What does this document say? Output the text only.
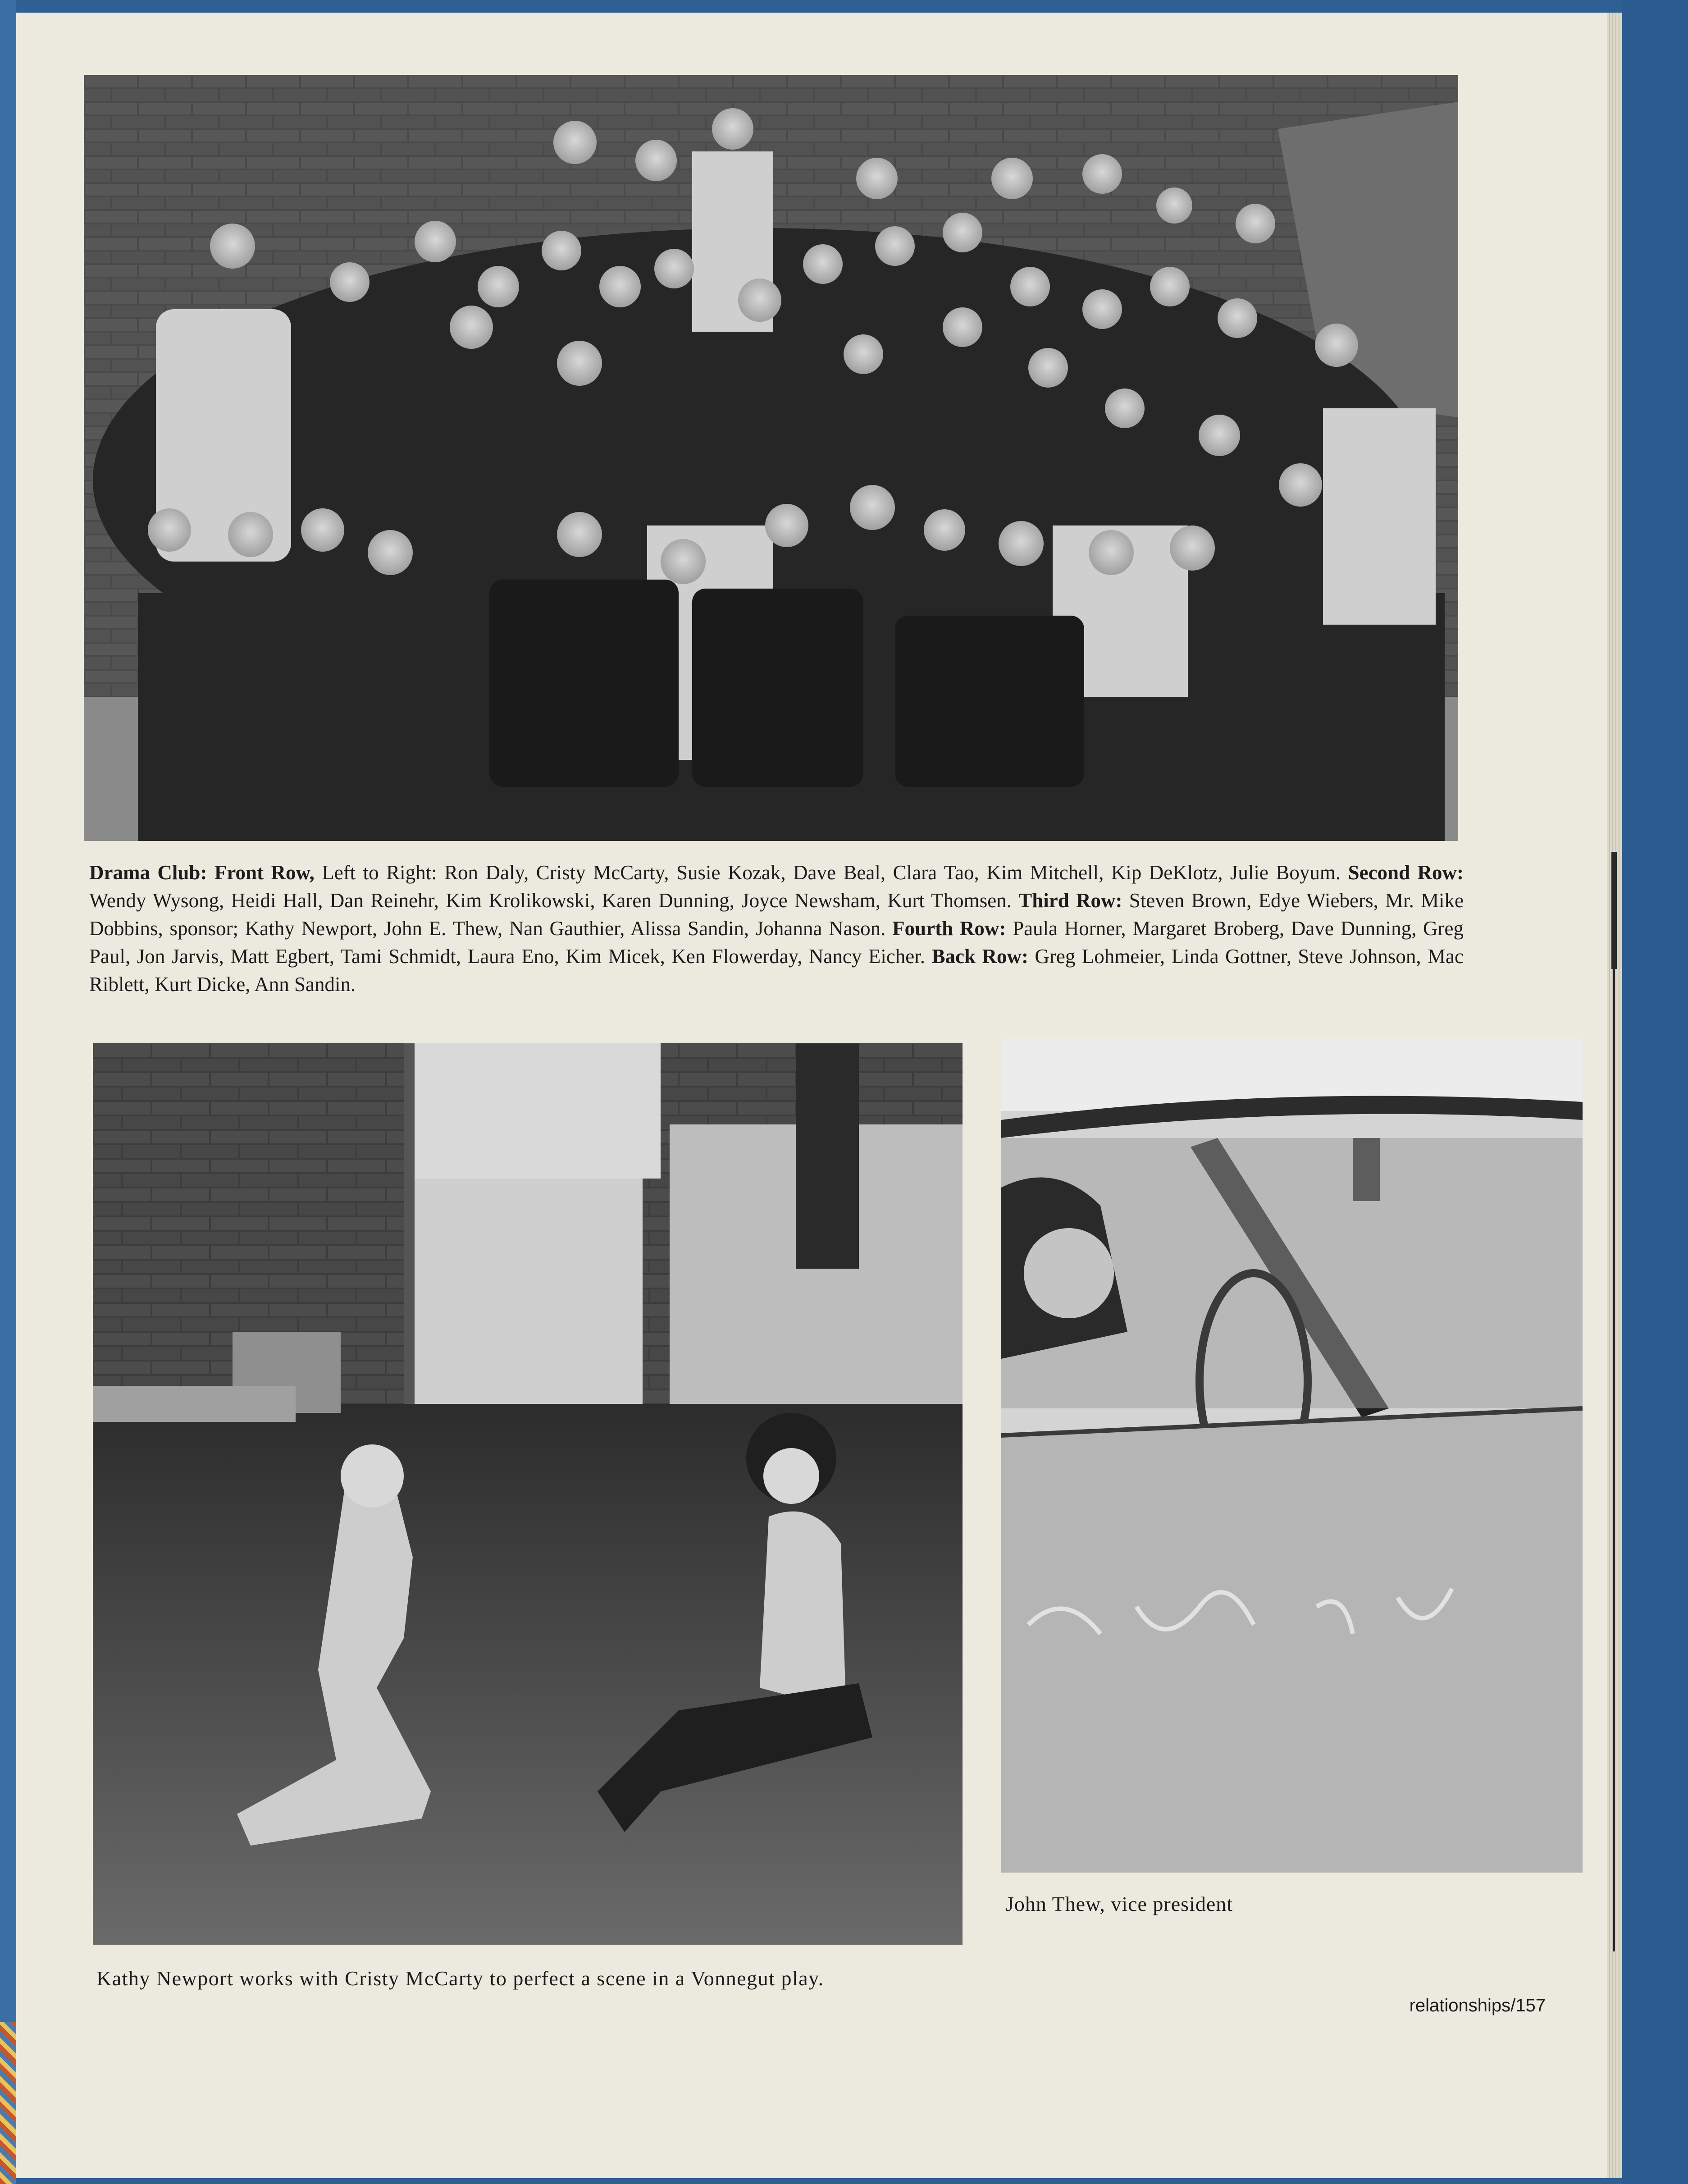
Drama Club: Front Row, Left to Right: Ron Daly, Cristy McCarty, Susie Kozak, Dave Beal, Clara Tao, Kim Mitchell, Kip DeKlotz, Julie Boyum. Second Row: Wendy Wysong, Heidi Hall, Dan Reinehr, Kim Krolikowski, Karen Dunning, Joyce Newsham, Kurt Thomsen. Third Row: Steven Brown, Edye Wiebers, Mr. Mike Dobbins, sponsor; Kathy Newport, John E. Thew, Nan Gauthier, Alissa Sandin, Johanna Nason. Fourth Row: Paula Horner, Margaret Broberg, Dave Dunning, Greg Paul, Jon Jarvis, Matt Egbert, Tami Schmidt, Laura Eno, Kim Micek, Ken Flowerday, Nancy Eicher. Back Row: Greg Lohmeier, Linda Gottner, Steve Johnson, Mac Riblett, Kurt Dicke, Ann Sandin.

John Thew, vice president

Kathy Newport works with Cristy McCarty to perfect a scene in a Vonnegut play.

relationships/157
